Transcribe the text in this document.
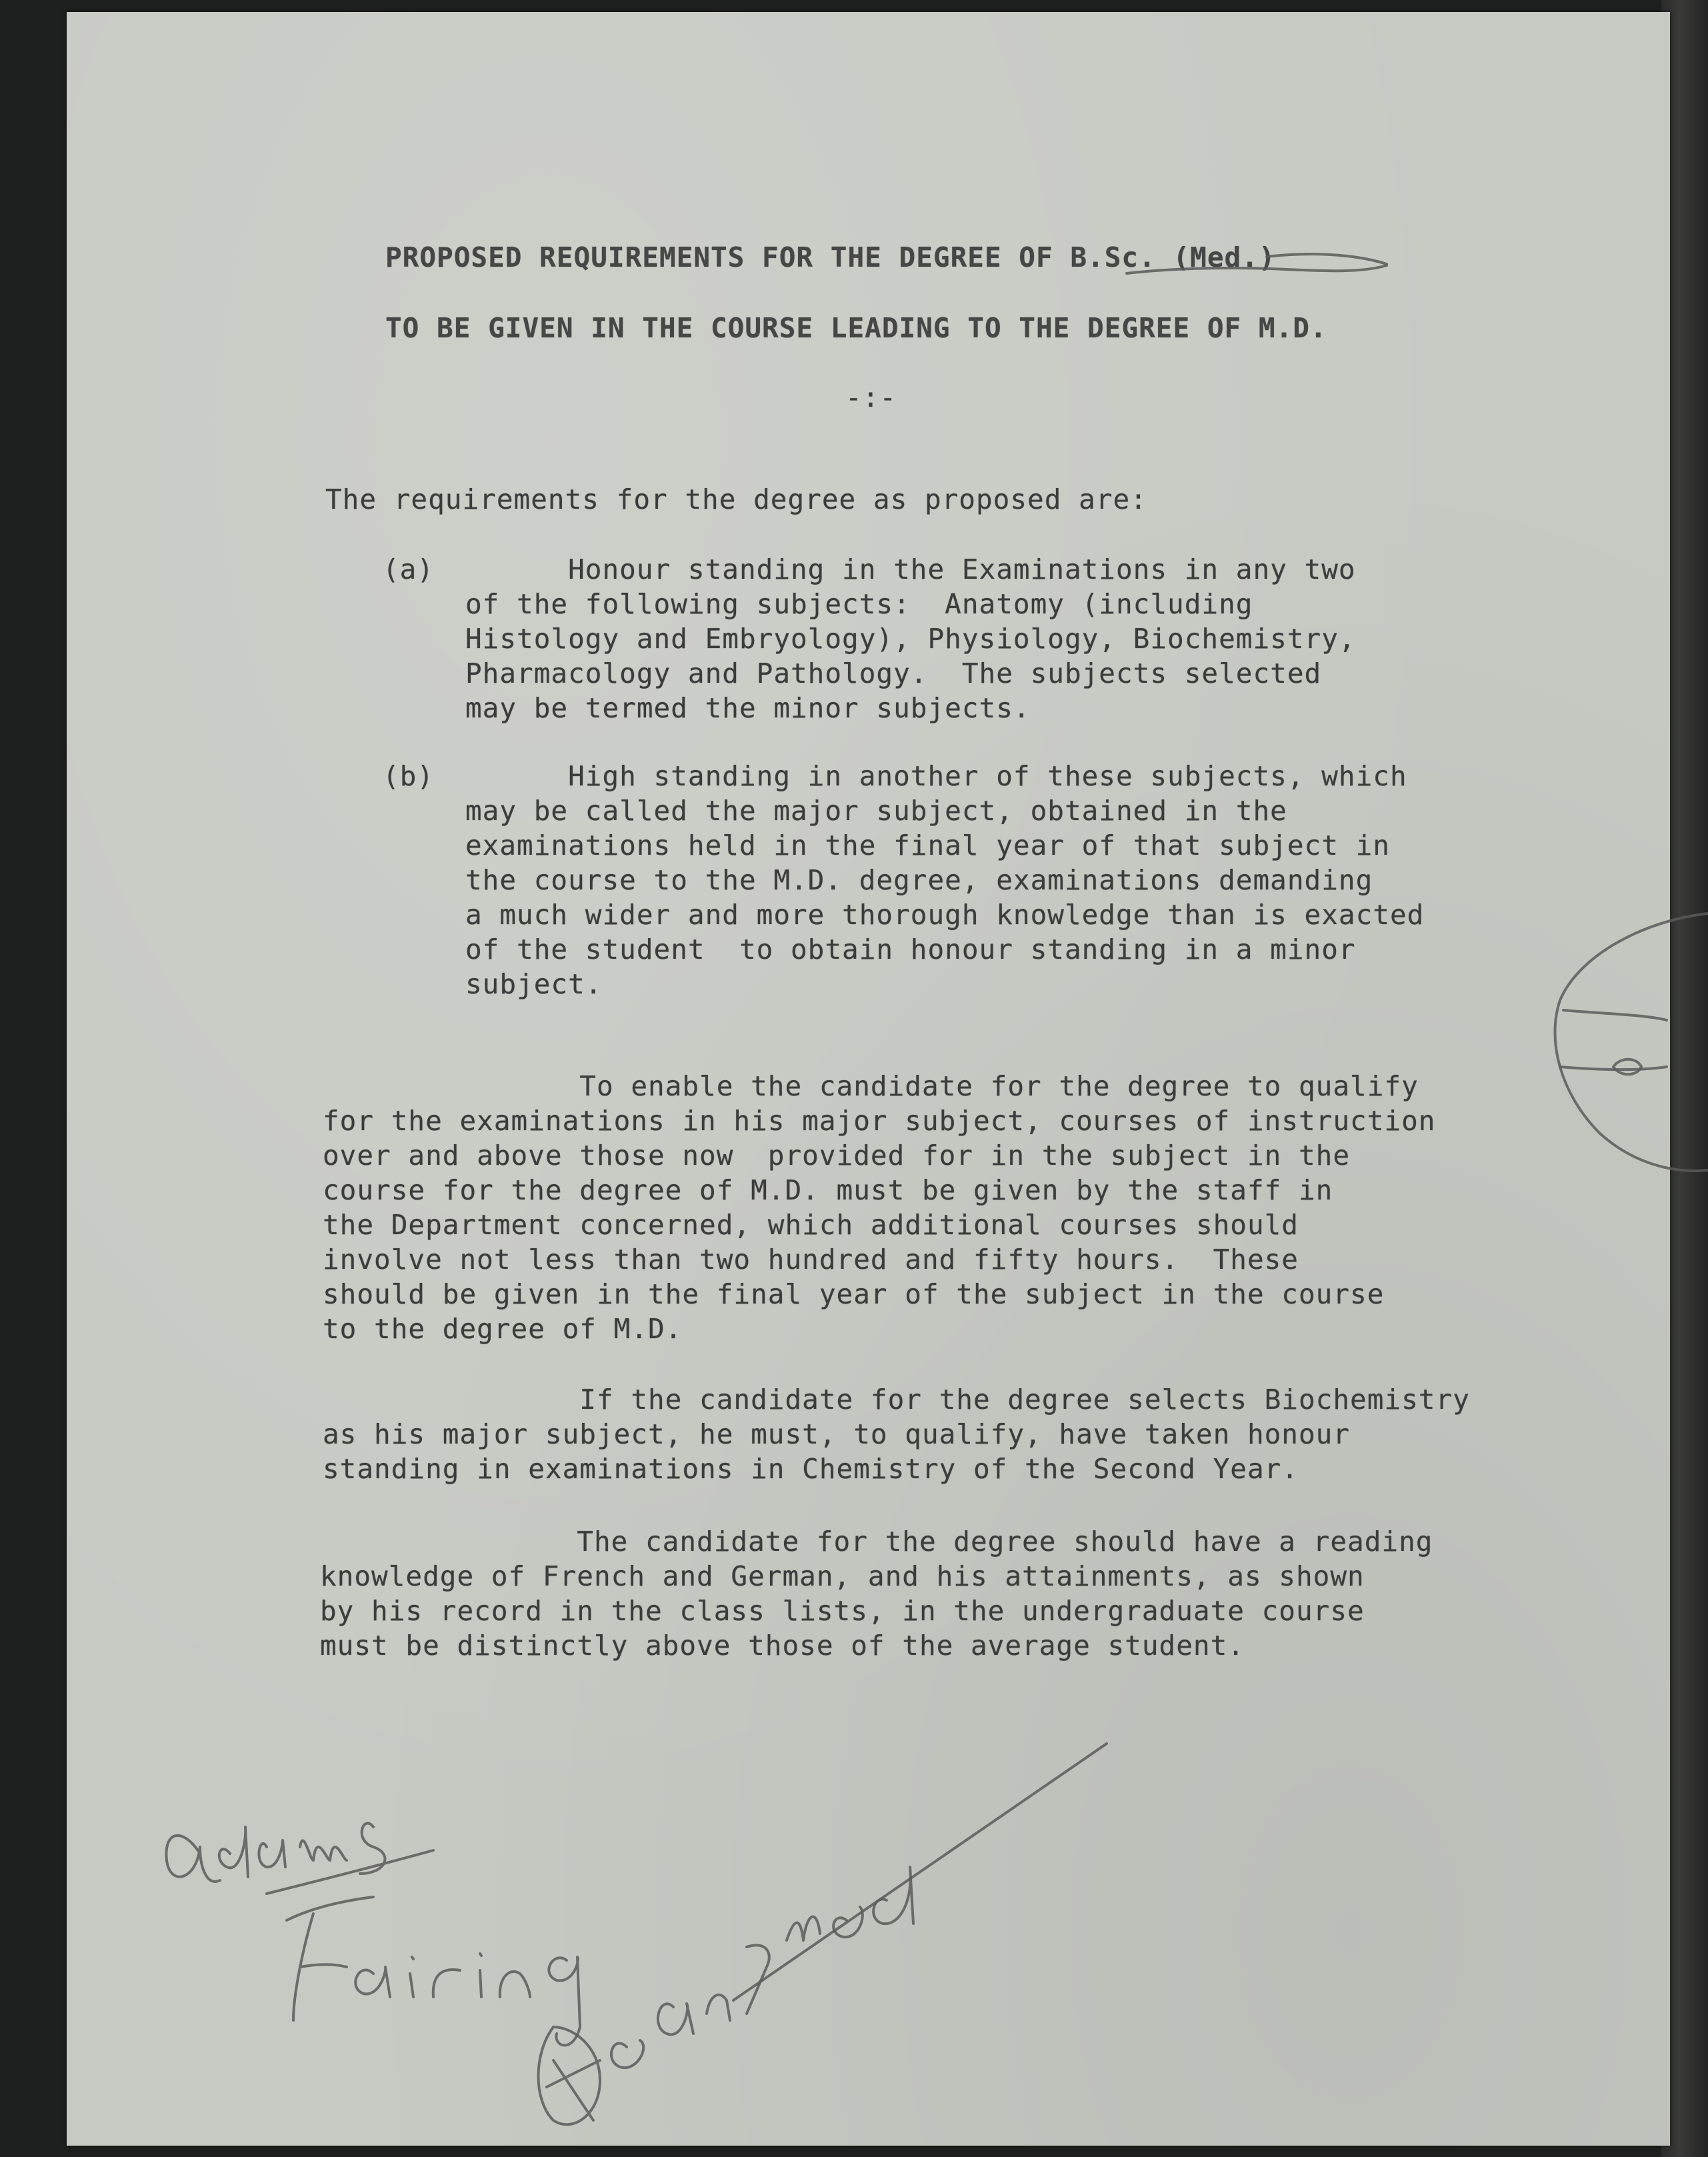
PROPOSED REQUIREMENTS FOR THE DEGREE OF B.Sc. (Med.)

TO BE GIVEN IN THE COURSE LEADING TO THE DEGREE OF M.D.

-:-

The requirements for the degree as proposed are:

(a)	Honour standing in the Examinations in any two
of the following subjects:  Anatomy (including
Histology and Embryology), Physiology, Biochemistry,
Pharmacology and Pathology.  The subjects selected
may be termed the minor subjects.

(b)	High standing in another of these subjects, which
may be called the major subject, obtained in the
examinations held in the final year of that subject in
the course to the M.D. degree, examinations demanding
a much wider and more thorough knowledge than is exacted
of the student  to obtain honour standing in a minor
subject.

To enable the candidate for the degree to qualify
for the examinations in his major subject, courses of instruction
over and above those now  provided for in the subject in the
course for the degree of M.D. must be given by the staff in
the Department concerned, which additional courses should
involve not less than two hundred and fifty hours.  These
should be given in the final year of the subject in the course
to the degree of M.D.

If the candidate for the degree selects Biochemistry
as his major subject, he must, to qualify, have taken honour
standing in examinations in Chemistry of the Second Year.

The candidate for the degree should have a reading
knowledge of French and German, and his attainments, as shown
by his record in the class lists, in the undergraduate course
must be distinctly above those of the average student.
